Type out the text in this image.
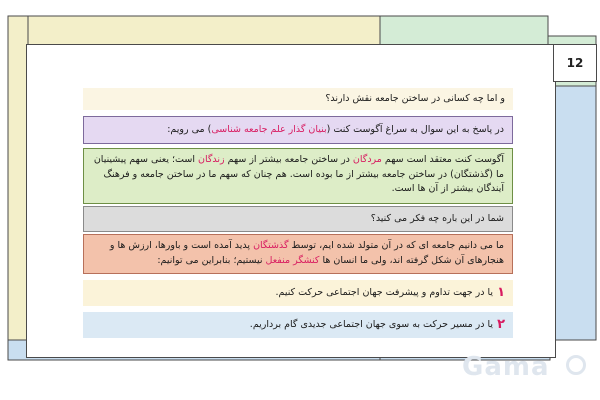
12
و اما چه کسانی در ساختن جامعه نقش دارند؟
در پاسخ به این سوال به سراغ آگوست کنت (بنیان گذار علم جامعه شناسی) می رویم:
آگوست کنت معتقد است سهم مردگان در ساختن جامعه بیشتر از سهم زندگان است؛ یعنی سهم پیشینیان ما (گذشتگان) در ساختن جامعه بیشتر از ما بوده است. هم چنان که سهم ما در ساختن جامعه و فرهنگ آیندگان بیشتر از آن ها است.
شما در این باره چه فکر می کنید؟
ما می دانیم جامعه ای که در آن متولد شده ایم، توسط گذشتگان پدید آمده است و باورها، ارزش ها و هنجارهای آن شکل گرفته اند، ولی ما انسان ها کنشگر منفعل نیستیم؛ بنابراین می توانیم:
۱
یا در جهت تداوم و پیشرفت جهان اجتماعی حرکت کنیم.
۲
یا در مسیر حرکت به سوی جهان اجتماعی جدیدی گام برداریم.
Gama
